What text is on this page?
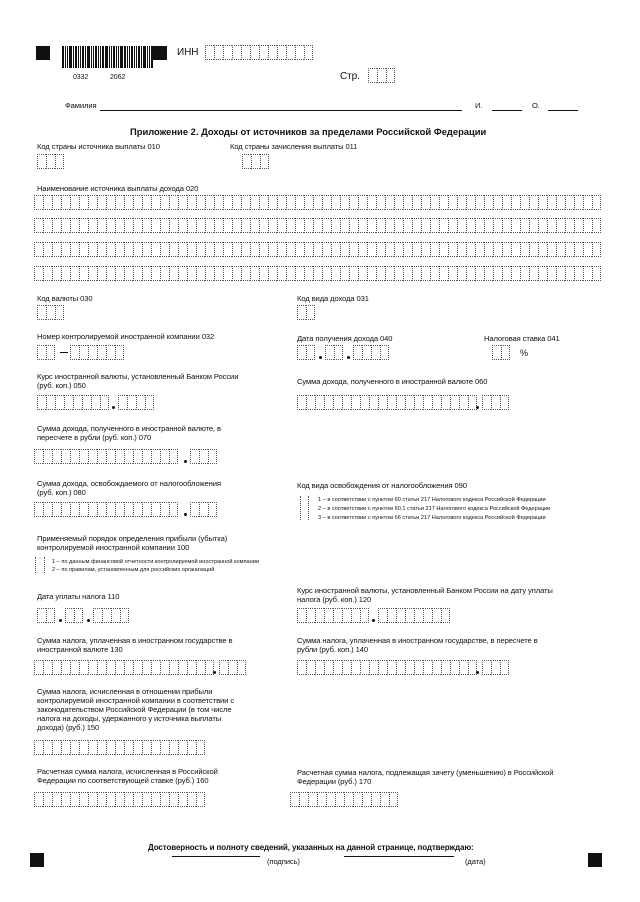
0332	2062
ИНН
Стр.
Фамилия	И.	О.
Приложение 2. Доходы от источников за пределами Российской Федерации
Код страны источника выплаты 010	Код страны зачисления выплаты 011
Наименование источника выплаты дохода 020
Код валюты 030	Код вида дохода 031
Номер контролируемой иностранной компании 032	Дата получения дохода 040	Налоговая ставка 041
%
Курс иностранной валюты, установленный Банком России
(руб. коп.) 050	Сумма дохода, полученного в иностранной валюте 060
Сумма дохода, полученного в иностранной валюте, в
пересчете в рубли (руб. коп.) 070
Сумма дохода, освобождаемого от налогообложения
(руб. коп.) 080
Код вида освобождения от налогообложения 090
1 – в соответствии с пунктом 60 статьи 217 Налогового кодекса Российской Федерации
2 – в соответствии с пунктом 60.1 статьи 217 Налогового кодекса Российской Федерации
3 – в соответствии с пунктом 66 статьи 217 Налогового кодекса Российской Федерации
Применяемый порядок определения прибыли (убытка)
контролируемой иностранной компании 100
1 – по данным финансовой отчетности контролируемой иностранной компании
2 – по правилам, установленным для российских организаций
Дата уплаты налога 110
Курс иностранной валюты, установленный Банком России на дату уплаты
налога (руб. коп.) 120
Сумма налога, уплаченная в иностранном государстве в
иностранной валюте 130
Сумма налога, уплаченная в иностранном государстве, в пересчете в
рубли (руб. коп.) 140
Сумма налога, исчисленная в отношении прибыли
контролируемой иностранной компании в соответствии с
законодательством Российской Федерации (в том числе
налога на доходы, удержанного у источника выплаты
дохода) (руб.) 150
Расчетная сумма налога, исчисленная в Российской
Федерации по соответствующей ставке (руб.) 160
Расчетная сумма налога, подлежащая зачету (уменьшению) в Российской
Федерации (руб.) 170
Достоверность и полноту сведений, указанных на данной странице, подтверждаю:
(подпись)	(дата)
